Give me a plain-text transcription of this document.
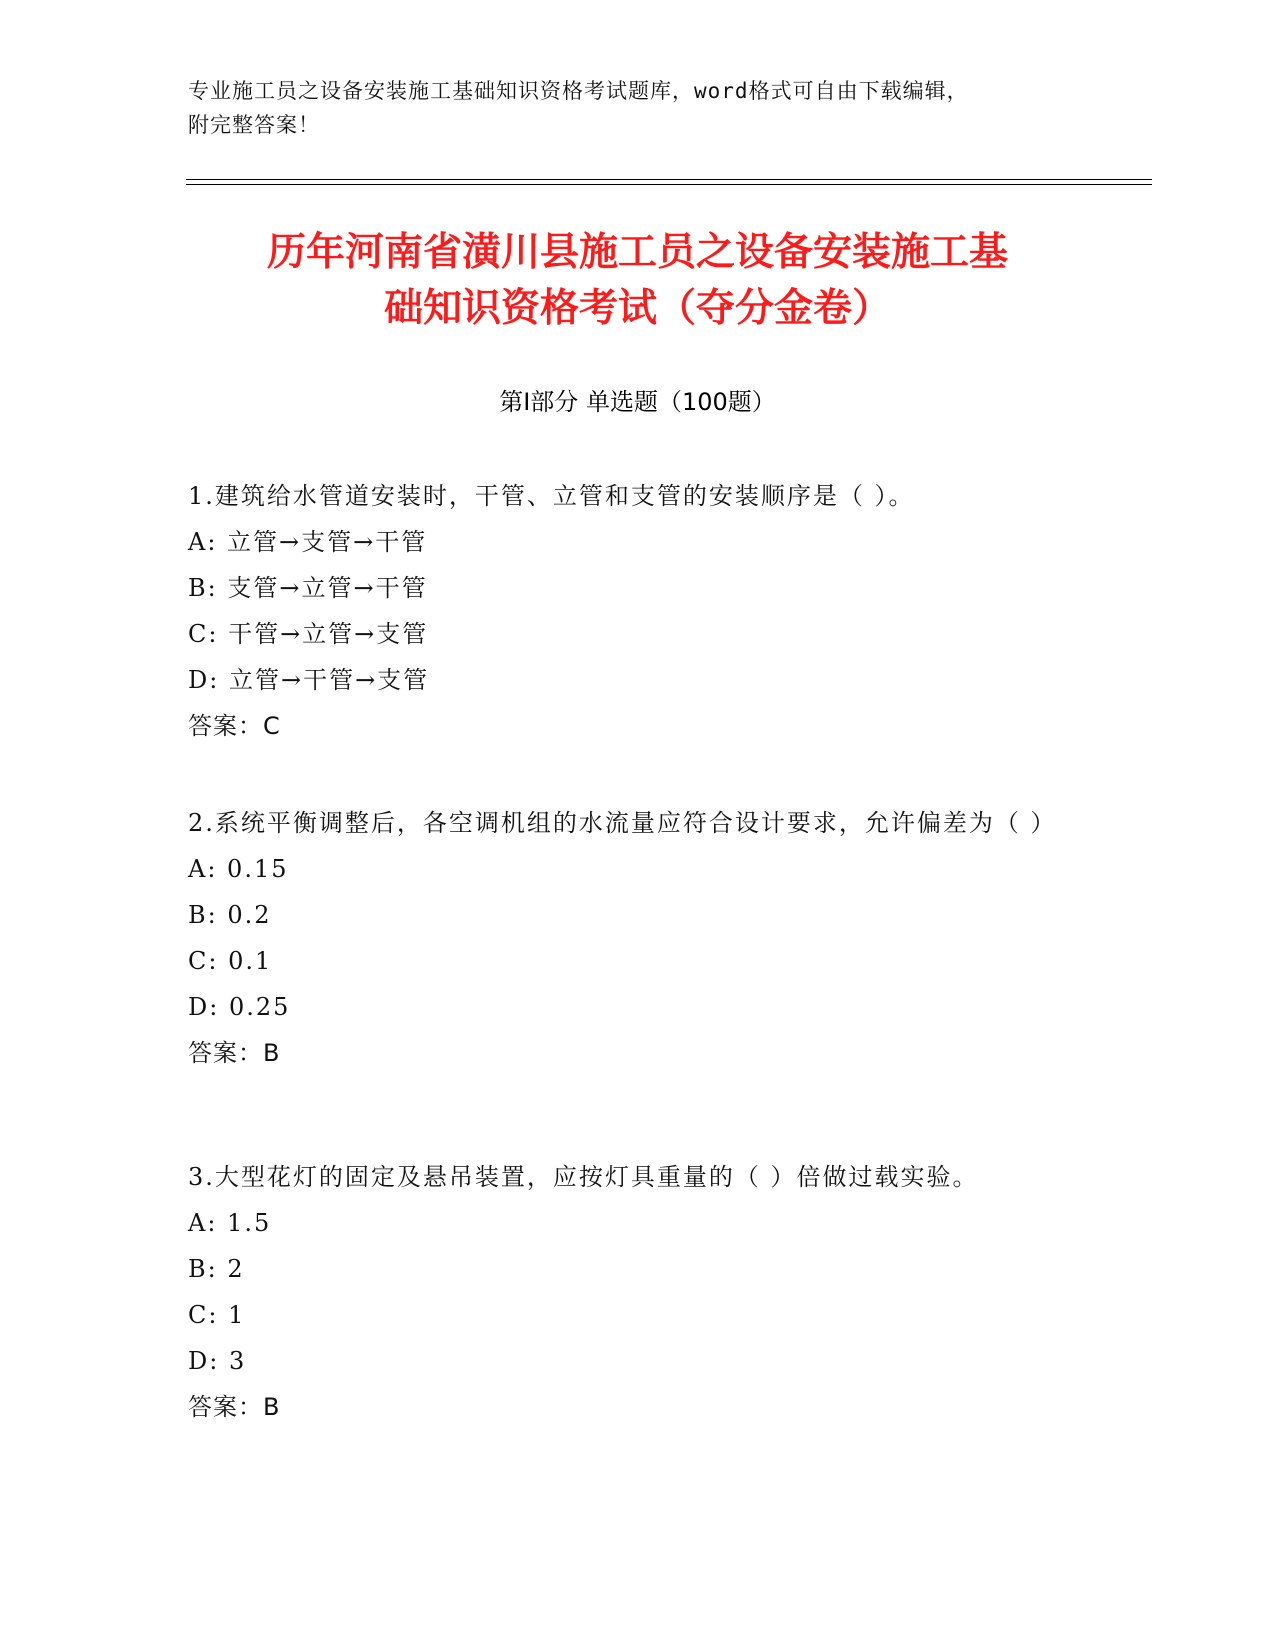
专业施工员之设备安装施工基础知识资格考试题库，word格式可自由下载编辑，
附完整答案！
历年河南省潢川县施工员之设备安装施工基
础知识资格考试（夺分金卷）
第Ⅰ部分 单选题（100题）
1.建筑给水管道安装时，干管、立管和支管的安装顺序是（ ）。
A: 立管→支管→干管
B: 支管→立管→干管
C: 干管→立管→支管
D: 立管→干管→支管
答案：C
2.系统平衡调整后，各空调机组的水流量应符合设计要求，允许偏差为（ ）
A: 0.15
B: 0.2
C: 0.1
D: 0.25
答案：B
3.大型花灯的固定及悬吊装置，应按灯具重量的（ ）倍做过载实验。
A: 1.5
B: 2
C: 1
D: 3
答案：B
